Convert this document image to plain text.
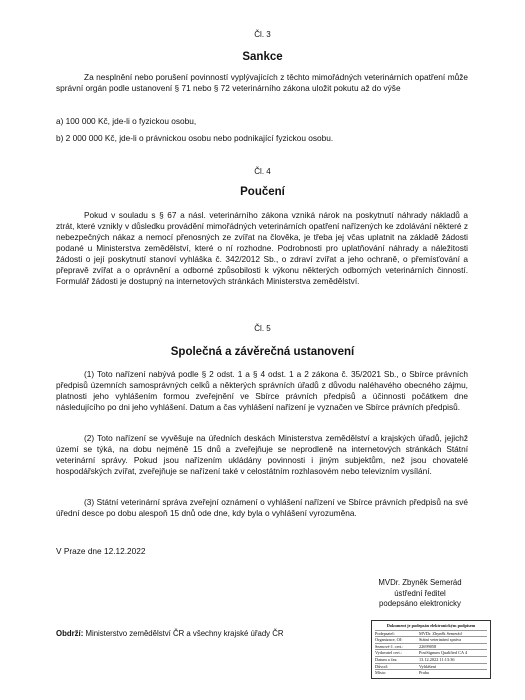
Čl. 3
Sankce
Za nesplnění nebo porušení povinností vyplývajících z těchto mimořádných veterinárních opatření může správní orgán podle ustanovení § 71 nebo § 72 veterinárního zákona uložit pokutu až do výše
a) 100 000 Kč, jde-li o fyzickou osobu,
b) 2 000 000 Kč, jde-li o právnickou osobu nebo podnikající fyzickou osobu.
Čl. 4
Poučení
Pokud v souladu s § 67 a násl. veterinárního zákona vzniká nárok na poskytnutí náhrady nákladů a ztrát, které vznikly v důsledku provádění mimořádných veterinárních opatření nařízených ke zdolávání některé z nebezpečných nákaz a nemocí přenosných ze zvířat na člověka, je třeba jej včas uplatnit na základě žádosti podané u Ministerstva zemědělství, které o ní rozhodne. Podrobnosti pro uplatňování náhrady a náležitosti žádosti o její poskytnutí stanoví vyhláška č. 342/2012 Sb., o zdraví zvířat a jeho ochraně, o přemísťování a přepravě zvířat a o oprávnění a odborné způsobilosti k výkonu některých odborných veterinárních činností. Formulář žádosti je dostupný na internetových stránkách Ministerstva zemědělství.
Čl. 5
Společná a závěrečná ustanovení
(1) Toto nařízení nabývá podle § 2 odst. 1 a § 4 odst. 1 a 2 zákona č. 35/2021 Sb., o Sbírce právních předpisů územních samosprávných celků a některých správních úřadů z důvodu naléhavého obecného zájmu, platnosti jeho vyhlášením formou zveřejnění ve Sbírce právních předpisů a účinnosti počátkem dne následujícího po dni jeho vyhlášení. Datum a čas vyhlášení nařízení je vyznačen ve Sbírce právních předpisů.
(2) Toto nařízení se vyvěšuje na úředních deskách Ministerstva zemědělství a krajských úřadů, jejichž území se týká, na dobu nejméně 15 dnů a zveřejňuje se neprodleně na internetových stránkách Státní veterinární správy. Pokud jsou nařízením ukládány povinnosti i jiným subjektům, než jsou chovatelé hospodářských zvířat, zveřejňuje se nařízení také v celostátním rozhlasovém nebo televizním vysílání.
(3) Státní veterinární správa zveřejní oznámení o vyhlášení nařízení ve Sbírce právních předpisů na své úřední desce po dobu alespoň 15 dnů ode dne, kdy byla o vyhlášení vyrozuměna.
V Praze dne 12.12.2022
MVDr. Zbyněk Semerád
ústřední ředitel
podepsáno elektronicky
Obdrží: Ministerstvo zemědělství ČR a všechny krajské úřady ČR
Dokument je podepsán elektronickým podpisem
Podepsatel:	MVDr. Zbyněk Semerád
Organizace, OJ:	Státní veterinární správa
Seznové č. cert.:	22699058
Vydavatel cert.:	PostSignum Qualified CA 4
Datum a čas:	13.12.2022 11:13:36
Důvod:	Vyhlášení
Místo:	Praha
